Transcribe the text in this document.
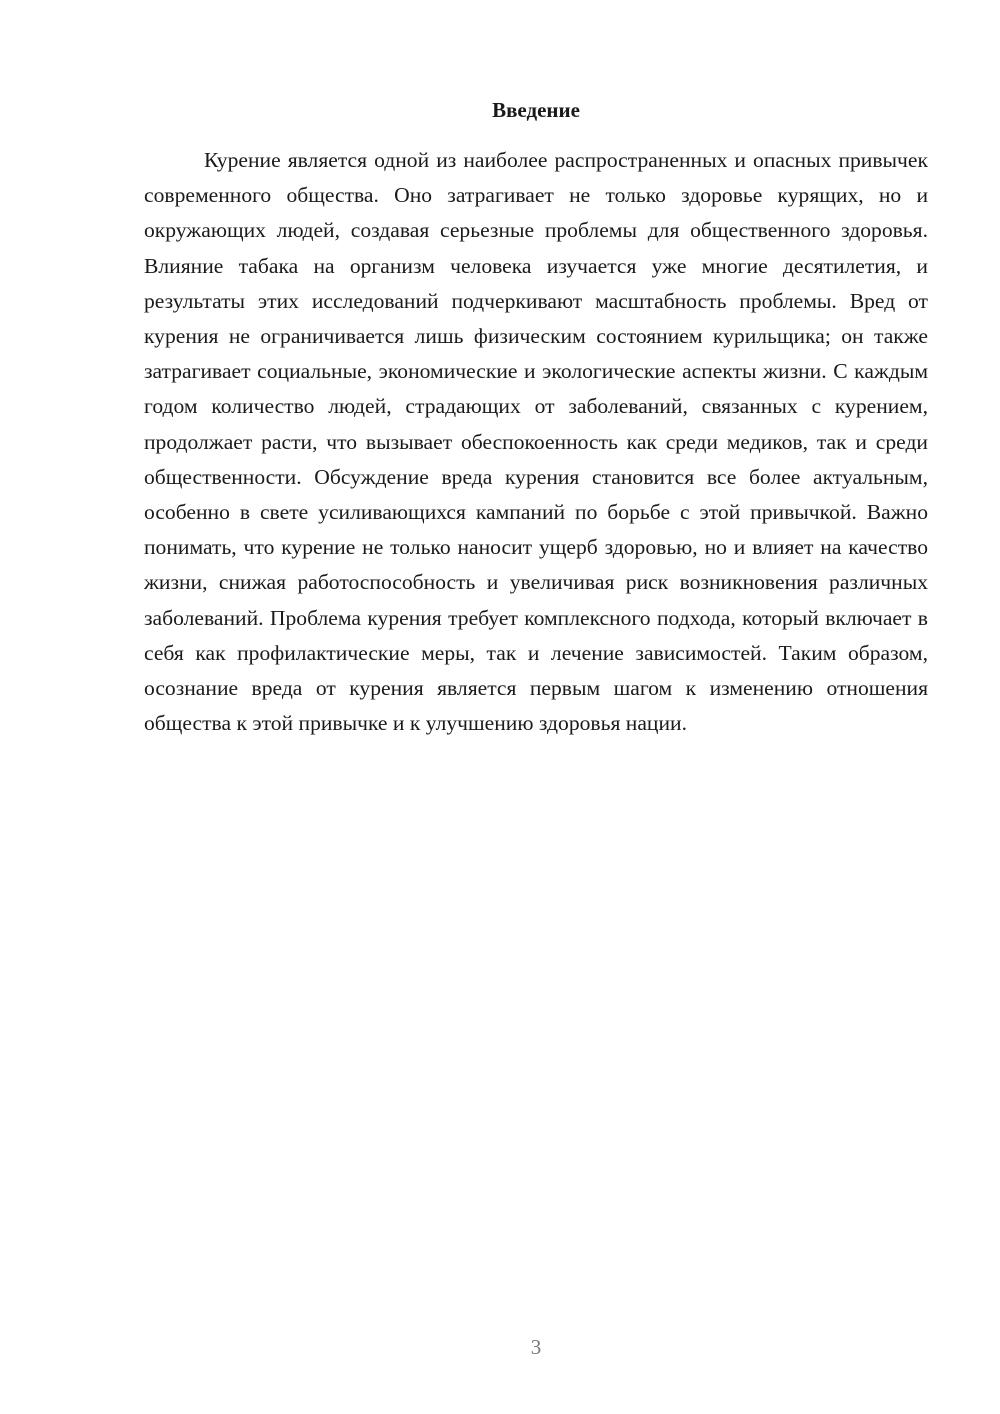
Введение

Курение является одной из наиболее распространенных и опасных привычек современного общества. Оно затрагивает не только здоровье курящих, но и окружающих людей, создавая серьезные проблемы для общественного здоровья. Влияние табака на организм человека изучается уже многие десятилетия, и результаты этих исследований подчеркивают масштабность проблемы. Вред от курения не ограничивается лишь физическим состоянием курильщика; он также затрагивает социальные, экономические и экологические аспекты жизни. С каждым годом количество людей, страдающих от заболеваний, связанных с курением, продолжает расти, что вызывает обеспокоенность как среди медиков, так и среди общественности. Обсуждение вреда курения становится все более актуальным, особенно в свете усиливающихся кампаний по борьбе с этой привычкой. Важно понимать, что курение не только наносит ущерб здоровью, но и влияет на качество жизни, снижая работоспособность и увеличивая риск возникновения различных заболеваний. Проблема курения требует комплексного подхода, который включает в себя как профилактические меры, так и лечение зависимостей. Таким образом, осознание вреда от курения является первым шагом к изменению отношения общества к этой привычке и к улучшению здоровья нации.

3
